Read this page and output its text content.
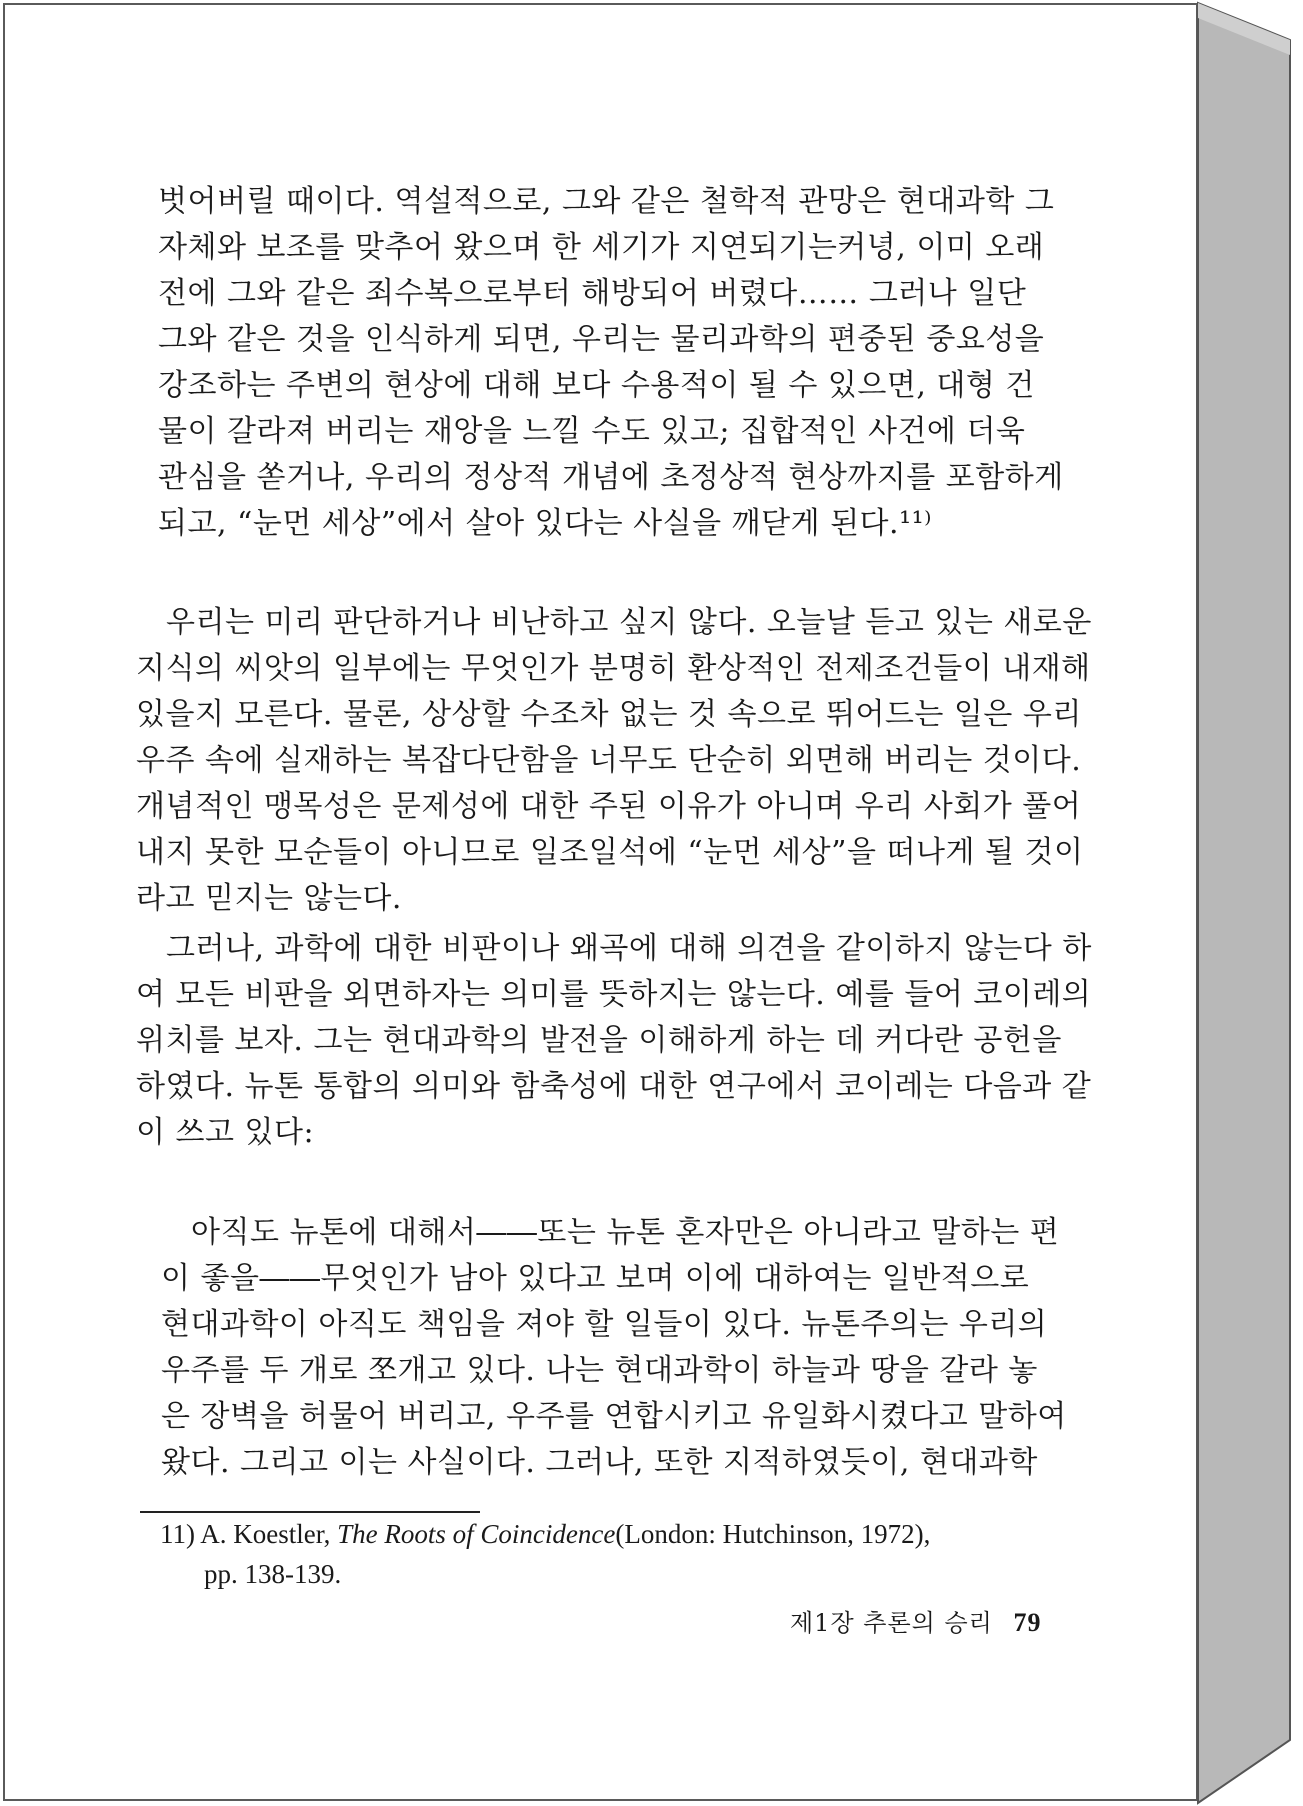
벗어버릴 때이다. 역설적으로, 그와 같은 철학적 관망은 현대과학 그
자체와 보조를 맞추어 왔으며 한 세기가 지연되기는커녕, 이미 오래
전에 그와 같은 죄수복으로부터 해방되어 버렸다…… 그러나 일단
그와 같은 것을 인식하게 되면, 우리는 물리과학의 편중된 중요성을
강조하는 주변의 현상에 대해 보다 수용적이 될 수 있으면, 대형 건
물이 갈라져 버리는 재앙을 느낄 수도 있고; 집합적인 사건에 더욱
관심을 쏟거나, 우리의 정상적 개념에 초정상적 현상까지를 포함하게
되고, “눈먼 세상”에서 살아 있다는 사실을 깨닫게 된다.¹¹⁾
우리는 미리 판단하거나 비난하고 싶지 않다. 오늘날 듣고 있는 새로운
지식의 씨앗의 일부에는 무엇인가 분명히 환상적인 전제조건들이 내재해
있을지 모른다. 물론, 상상할 수조차 없는 것 속으로 뛰어드는 일은 우리
우주 속에 실재하는 복잡다단함을 너무도 단순히 외면해 버리는 것이다.
개념적인 맹목성은 문제성에 대한 주된 이유가 아니며 우리 사회가 풀어
내지 못한 모순들이 아니므로 일조일석에 “눈먼 세상”을 떠나게 될 것이
라고 믿지는 않는다.
그러나, 과학에 대한 비판이나 왜곡에 대해 의견을 같이하지 않는다 하
여 모든 비판을 외면하자는 의미를 뜻하지는 않는다. 예를 들어 코이레의
위치를 보자. 그는 현대과학의 발전을 이해하게 하는 데 커다란 공헌을
하였다. 뉴톤 통합의 의미와 함축성에 대한 연구에서 코이레는 다음과 같
이 쓰고 있다:
아직도 뉴톤에 대해서――또는 뉴톤 혼자만은 아니라고 말하는 편
이 좋을――무엇인가 남아 있다고 보며 이에 대하여는 일반적으로
현대과학이 아직도 책임을 져야 할 일들이 있다. 뉴톤주의는 우리의
우주를 두 개로 쪼개고 있다. 나는 현대과학이 하늘과 땅을 갈라 놓
은 장벽을 허물어 버리고, 우주를 연합시키고 유일화시켰다고 말하여
왔다. 그리고 이는 사실이다. 그러나, 또한 지적하였듯이, 현대과학
11) A. Koestler, The Roots of Coincidence(London: Hutchinson, 1972),
pp. 138-139.
제1장 추론의 승리 79
